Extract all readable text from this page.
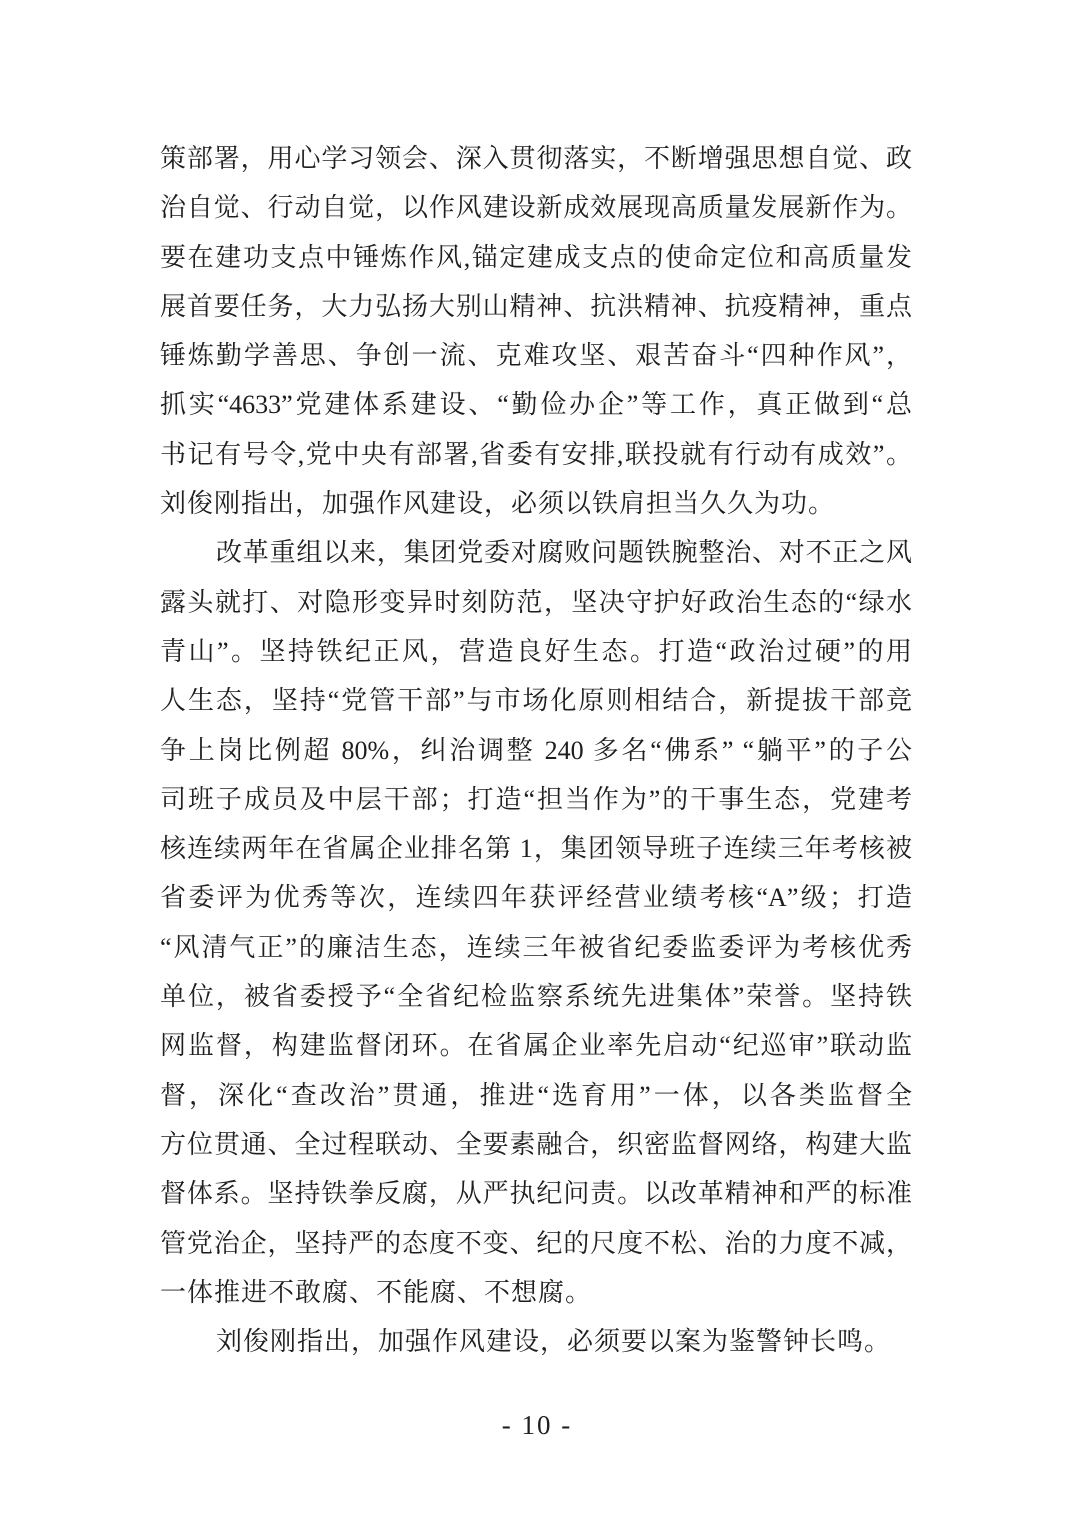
策部署，用心学习领会、深入贯彻落实，不断增强思想自觉、政
治自觉、行动自觉，以作风建设新成效展现高质量发展新作为。
要在建功支点中锤炼作风,锚定建成支点的使命定位和高质量发
展首要任务，大力弘扬大别山精神、抗洪精神、抗疫精神，重点
锤炼勤学善思、争创一流、克难攻坚、艰苦奋斗“四种作风”，
抓实“4633”党建体系建设、“勤俭办企”等工作，真正做到“总
书记有号令,党中央有部署,省委有安排,联投就有行动有成效”。
刘俊刚指出，加强作风建设，必须以铁肩担当久久为功。
改革重组以来，集团党委对腐败问题铁腕整治、对不正之风
露头就打、对隐形变异时刻防范，坚决守护好政治生态的“绿水
青山”。坚持铁纪正风，营造良好生态。打造“政治过硬”的用
人生态，坚持“党管干部”与市场化原则相结合，新提拔干部竞
争上岗比例超 80%，纠治调整 240 多名“佛系” “躺平”的子公
司班子成员及中层干部；打造“担当作为”的干事生态，党建考
核连续两年在省属企业排名第 1，集团领导班子连续三年考核被
省委评为优秀等次，连续四年获评经营业绩考核“A”级；打造
“风清气正”的廉洁生态，连续三年被省纪委监委评为考核优秀
单位，被省委授予“全省纪检监察系统先进集体”荣誉。坚持铁
网监督，构建监督闭环。在省属企业率先启动“纪巡审”联动监
督，深化“查改治”贯通，推进“选育用”一体，以各类监督全
方位贯通、全过程联动、全要素融合，织密监督网络，构建大监
督体系。坚持铁拳反腐，从严执纪问责。以改革精神和严的标准
管党治企，坚持严的态度不变、纪的尺度不松、治的力度不减，
一体推进不敢腐、不能腐、不想腐。
刘俊刚指出，加强作风建设，必须要以案为鉴警钟长鸣。
- 10 -
